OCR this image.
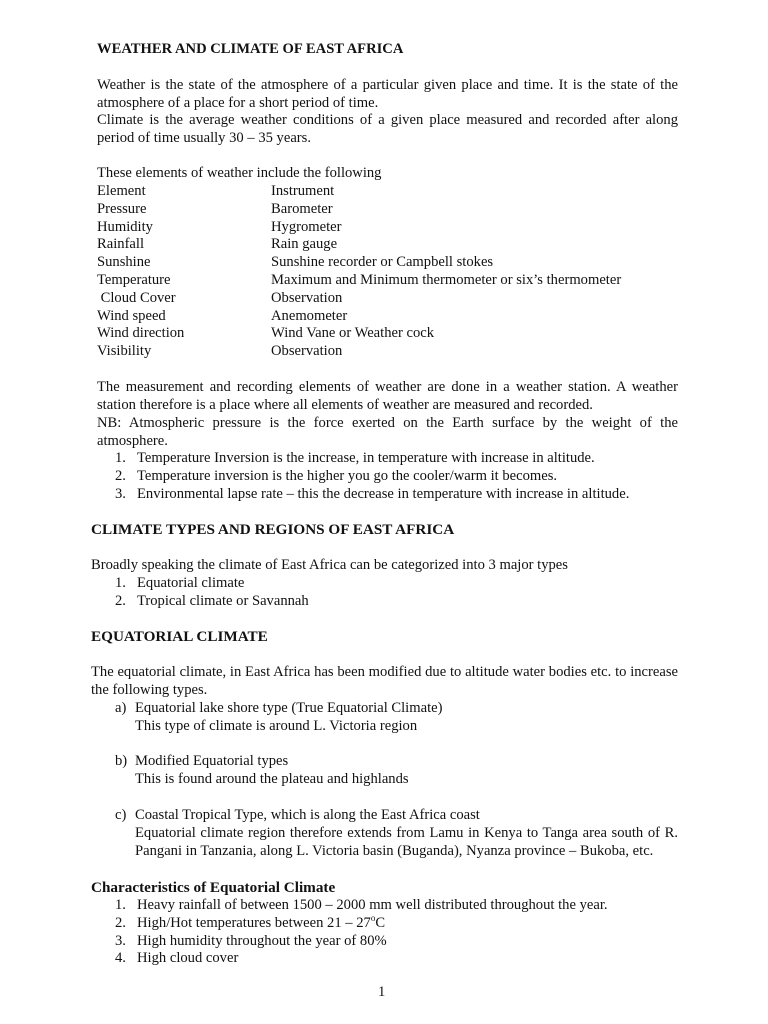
WEATHER AND CLIMATE OF EAST AFRICA
Weather is the state of the atmosphere of a particular given place and time. It is the state of the atmosphere of a place for a short period of time.
Climate is the average weather conditions of a given place measured and recorded after along period of time usually 30 – 35 years.
These elements of weather include the following
Element	Instrument
Pressure	Barometer
Humidity	Hygrometer
Rainfall	Rain gauge
Sunshine	Sunshine recorder or Campbell stokes
Temperature	Maximum and Minimum thermometer or six’s thermometer
Cloud Cover	Observation
Wind speed	Anemometer
Wind direction	Wind Vane or Weather cock
Visibility	Observation
The measurement and recording elements of weather are done in a weather station. A weather station therefore is a place where all elements of weather are measured and recorded.
NB: Atmospheric pressure is the force exerted on the Earth surface by the weight of the atmosphere.
1. Temperature Inversion is the increase, in temperature with increase in altitude.
2. Temperature inversion is the higher you go the cooler/warm it becomes.
3. Environmental lapse rate – this the decrease in temperature with increase in altitude.
CLIMATE TYPES AND REGIONS OF EAST AFRICA
Broadly speaking the climate of East Africa can be categorized into 3 major types
1. Equatorial climate
2. Tropical climate or Savannah
EQUATORIAL CLIMATE
The equatorial climate, in East Africa has been modified due to altitude water bodies etc. to increase the following types.
a) Equatorial lake shore type (True Equatorial Climate)
This type of climate is around L. Victoria region
b) Modified Equatorial types
This is found around the plateau and highlands
c) Coastal Tropical Type, which is along the East Africa coast
Equatorial climate region therefore extends from Lamu in Kenya to Tanga area south of R. Pangani in Tanzania, along L. Victoria basin (Buganda), Nyanza province – Bukoba, etc.
Characteristics of Equatorial Climate
1. Heavy rainfall of between 1500 – 2000 mm well distributed throughout the year.
2. High/Hot temperatures between 21 – 27$^o$C
3. High humidity throughout the year of 80%
4. High cloud cover
1
